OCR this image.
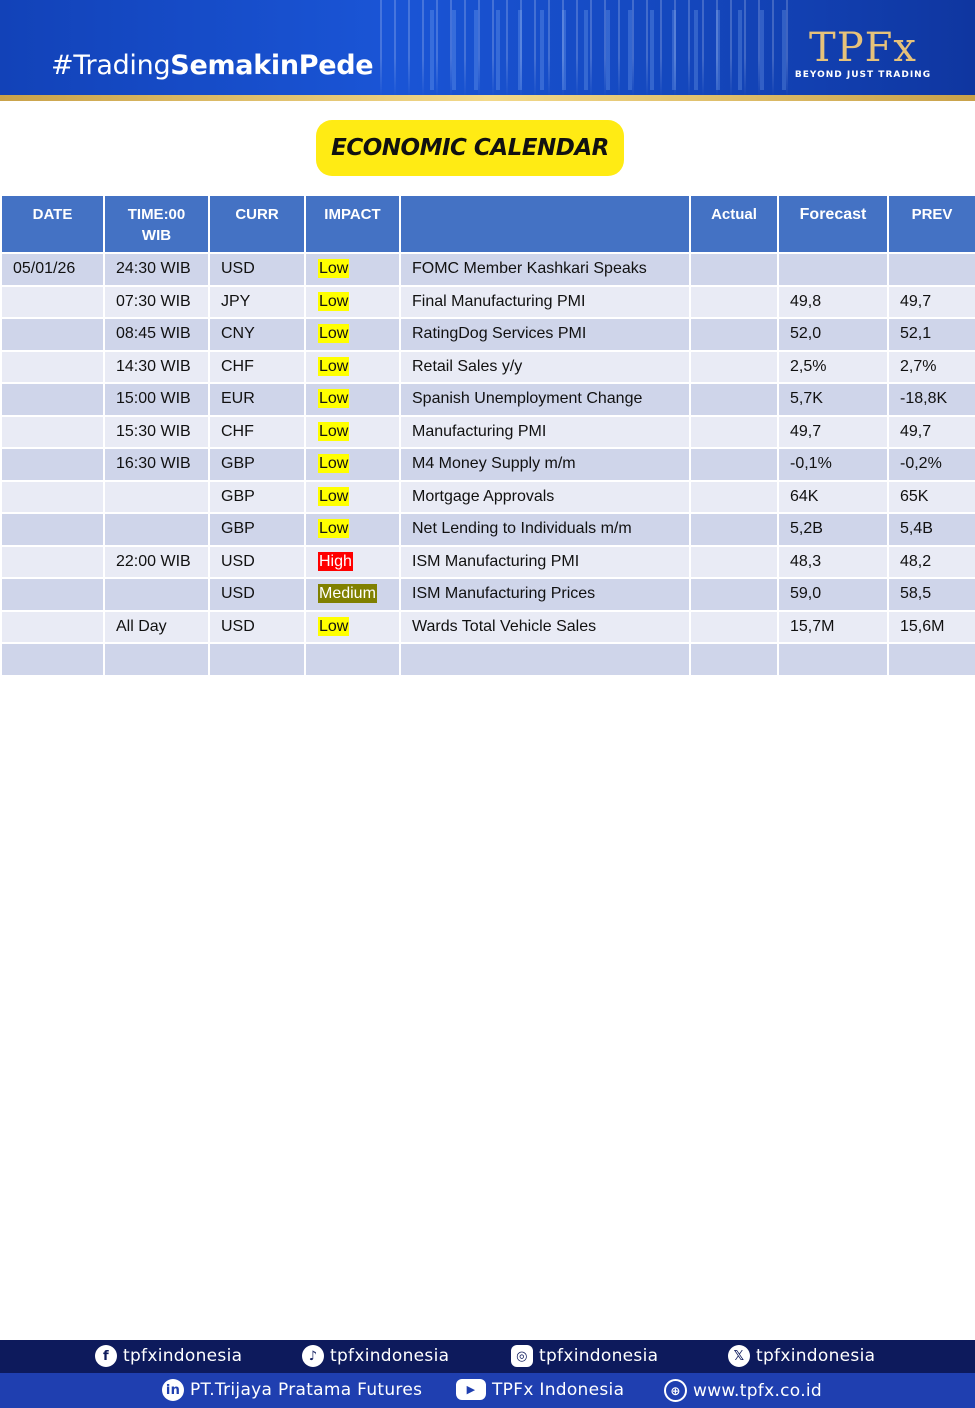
#TradingSemakinPede	TPFx
BEYOND JUST TRADING
ECONOMIC CALENDAR
DATE	TIME:00
WIB	CURR	IMPACT		Actual	Forecast	PREV
05/01/26	24:30 WIB	USD	Low	FOMC Member Kashkari Speaks			
	07:30 WIB	JPY	Low	Final Manufacturing PMI		49,8	49,7
	08:45 WIB	CNY	Low	RatingDog Services PMI		52,0	52,1
	14:30 WIB	CHF	Low	Retail Sales y/y		2,5%	2,7%
	15:00 WIB	EUR	Low	Spanish Unemployment Change		5,7K	-18,8K
	15:30 WIB	CHF	Low	Manufacturing PMI		49,7	49,7
	16:30 WIB	GBP	Low	M4 Money Supply m/m		-0,1%	-0,2%
		GBP	Low	Mortgage Approvals		64K	65K
		GBP	Low	Net Lending to Individuals m/m		5,2B	5,4B
	22:00 WIB	USD	High	ISM Manufacturing PMI		48,3	48,2
		USD	Medium	ISM Manufacturing Prices		59,0	58,5
	All Day	USD	Low	Wards Total Vehicle Sales		15,7M	15,6M

f tpfxindonesia	♪ tpfxindonesia	◎ tpfxindonesia	𝕏 tpfxindonesia
in PT.Trijaya Pratama Futures	▶ TPFx Indonesia	⊕ www.tpfx.co.id
